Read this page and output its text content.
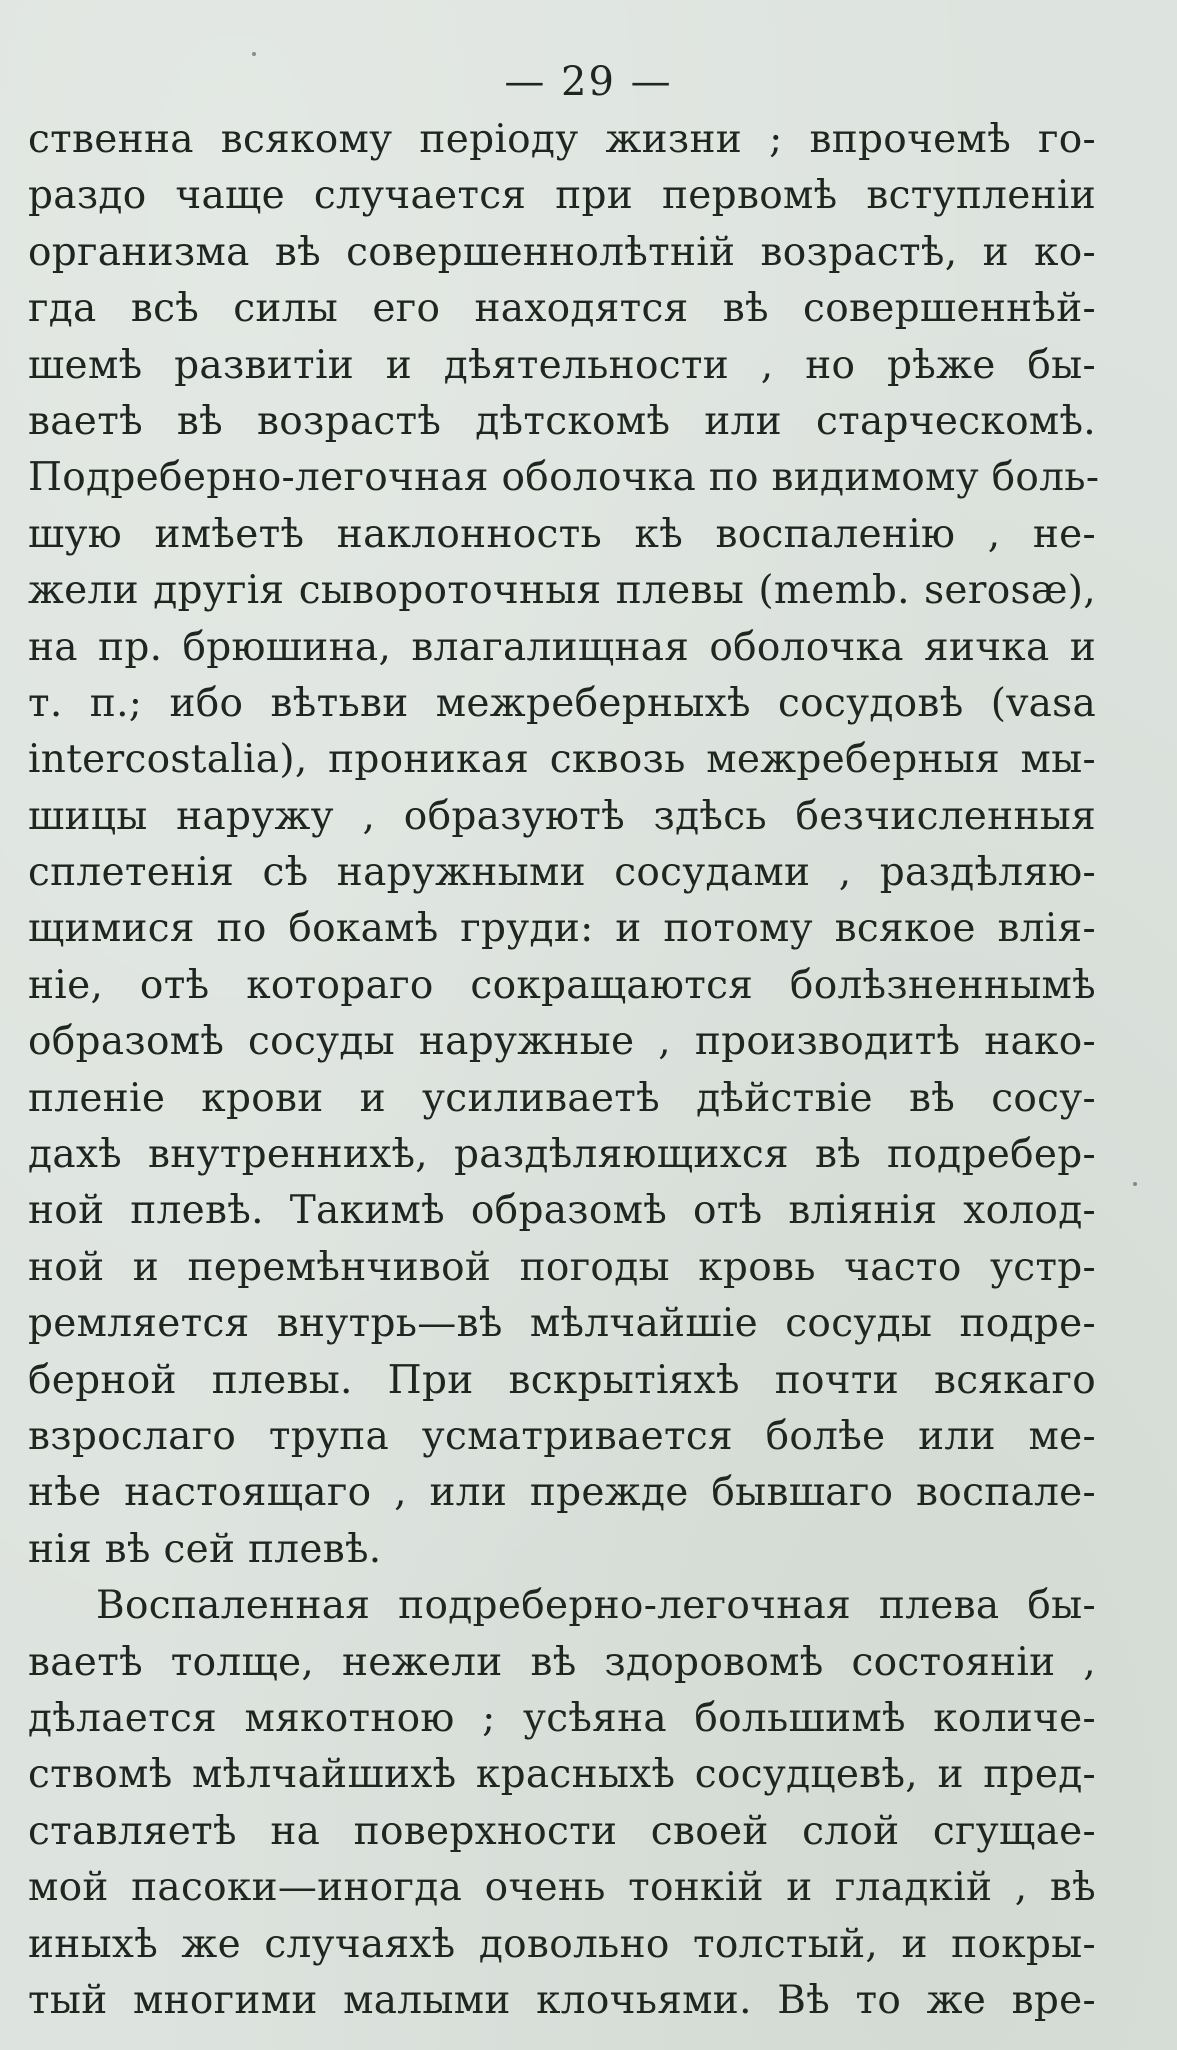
— 29 —
ственна всякому періоду жизни ; впрочемѣ го-
раздо чаще случается при первомѣ вступленіи
организма вѣ совершеннолѣтній возрастѣ, и ко-
гда всѣ силы его находятся вѣ совершеннѣй-
шемѣ развитіи и дѣятельности , но рѣже бы-
ваетѣ вѣ возрастѣ дѣтскомѣ или старческомѣ.
Подреберно-легочная оболочка по видимому боль-
шую имѣетѣ наклонность кѣ воспаленію , не-
жели другія сывороточныя плевы (memb. serosæ),
на пр. брюшина, влагалищная оболочка яичка и
т. п.; ибо вѣтьви межреберныхѣ сосудовѣ (vasa
intercostalia), проникая сквозь межреберныя мы-
шицы наружу , образуютѣ здѣсь безчисленныя
сплетенія сѣ наружными сосудами , раздѣляю-
щимися по бокамѣ груди: и потому всякое влія-
ніе, отѣ котораго сокращаются болѣзненнымѣ
образомѣ сосуды наружные , производитѣ нако-
пленіе крови и усиливаетѣ дѣйствіе вѣ сосу-
дахѣ внутреннихѣ, раздѣляющихся вѣ подребер-
ной плевѣ. Такимѣ образомѣ отѣ вліянія холод-
ной и перемѣнчивой погоды кровь часто устр-
ремляется внутрь—вѣ мѣлчайшіе сосуды подре-
берной плевы. При вскрытіяхѣ почти всякаго
взрослаго трупа усматривается болѣе или ме-
нѣе настоящаго , или прежде бывшаго воспале-
нія вѣ сей плевѣ.
Воспаленная подреберно-легочная плева бы-
ваетѣ толще, нежели вѣ здоровомѣ состояніи ,
дѣлается мякотною ; усѣяна большимѣ количе-
ствомѣ мѣлчайшихѣ красныхѣ сосудцевѣ, и пред-
ставляетѣ на поверхности своей слой сгущае-
мой пасоки—иногда очень тонкій и гладкій , вѣ
иныхѣ же случаяхѣ довольно толстый, и покры-
тый многими малыми клочьями. Вѣ то же вре-
